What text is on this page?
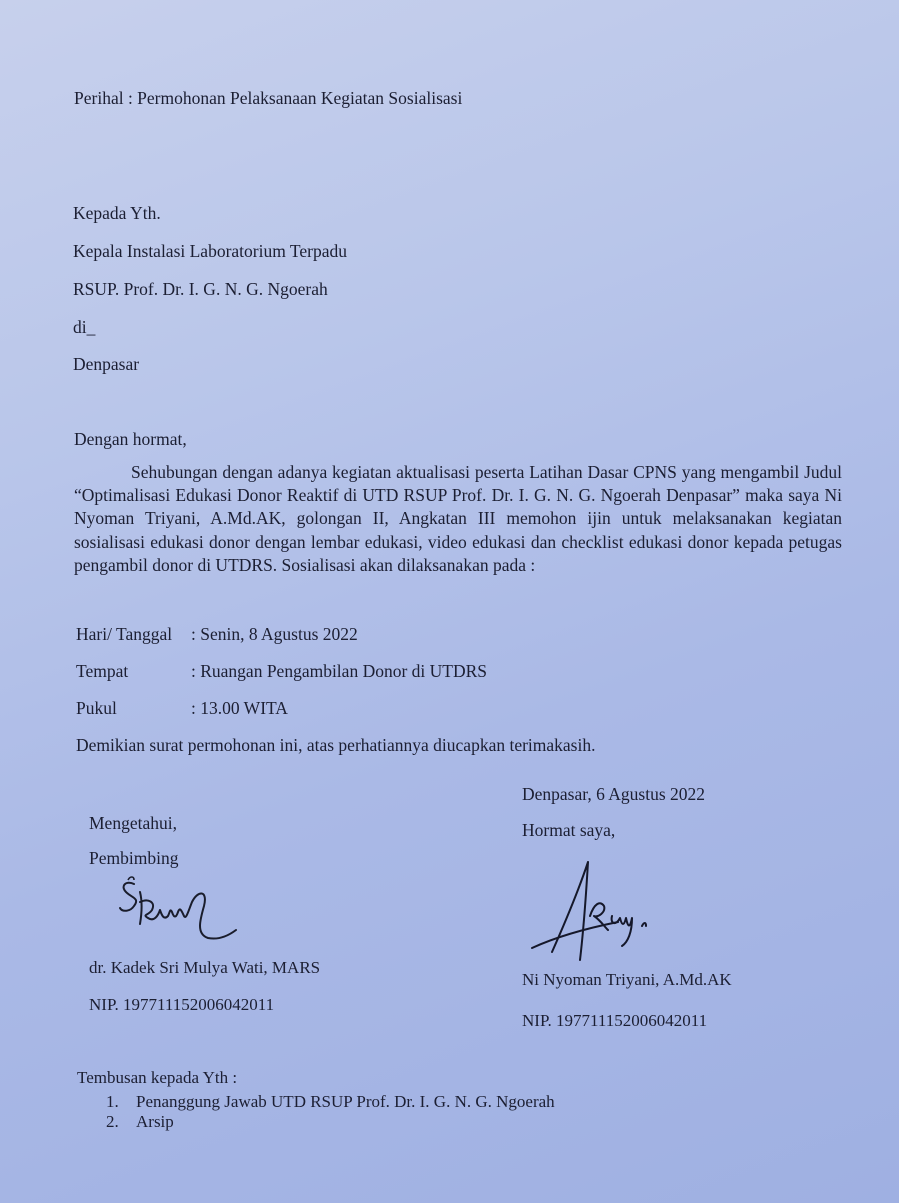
Perihal : Permohonan Pelaksanaan Kegiatan Sosialisasi
Kepada Yth.
Kepala Instalasi Laboratorium Terpadu
RSUP. Prof. Dr. I. G. N. G. Ngoerah
di_
Denpasar
Dengan hormat,
Sehubungan dengan adanya kegiatan aktualisasi peserta Latihan Dasar CPNS yang mengambil Judul “Optimalisasi Edukasi Donor Reaktif di UTD RSUP Prof. Dr. I. G. N. G. Ngoerah Denpasar” maka saya Ni Nyoman Triyani, A.Md.AK, golongan II, Angkatan III memohon ijin untuk melaksanakan kegiatan sosialisasi edukasi donor dengan lembar edukasi, video edukasi dan checklist edukasi donor kepada petugas pengambil donor di UTDRS. Sosialisasi akan dilaksanakan pada :
Hari/ Tanggal : Senin, 8 Agustus 2022
Tempat	: Ruangan Pengambilan Donor di UTDRS
Pukul	: 13.00 WITA
Demikian surat permohonan ini, atas perhatiannya diucapkan terimakasih.
Denpasar, 6 Agustus 2022
Mengetahui,	Hormat saya,
Pembimbing
dr. Kadek Sri Mulya Wati, MARS
Ni Nyoman Triyani, A.Md.AK
NIP. 197711152006042011
NIP. 197711152006042011
Tembusan kepada Yth :
1. Penanggung Jawab UTD RSUP Prof. Dr. I. G. N. G. Ngoerah
2. Arsip
